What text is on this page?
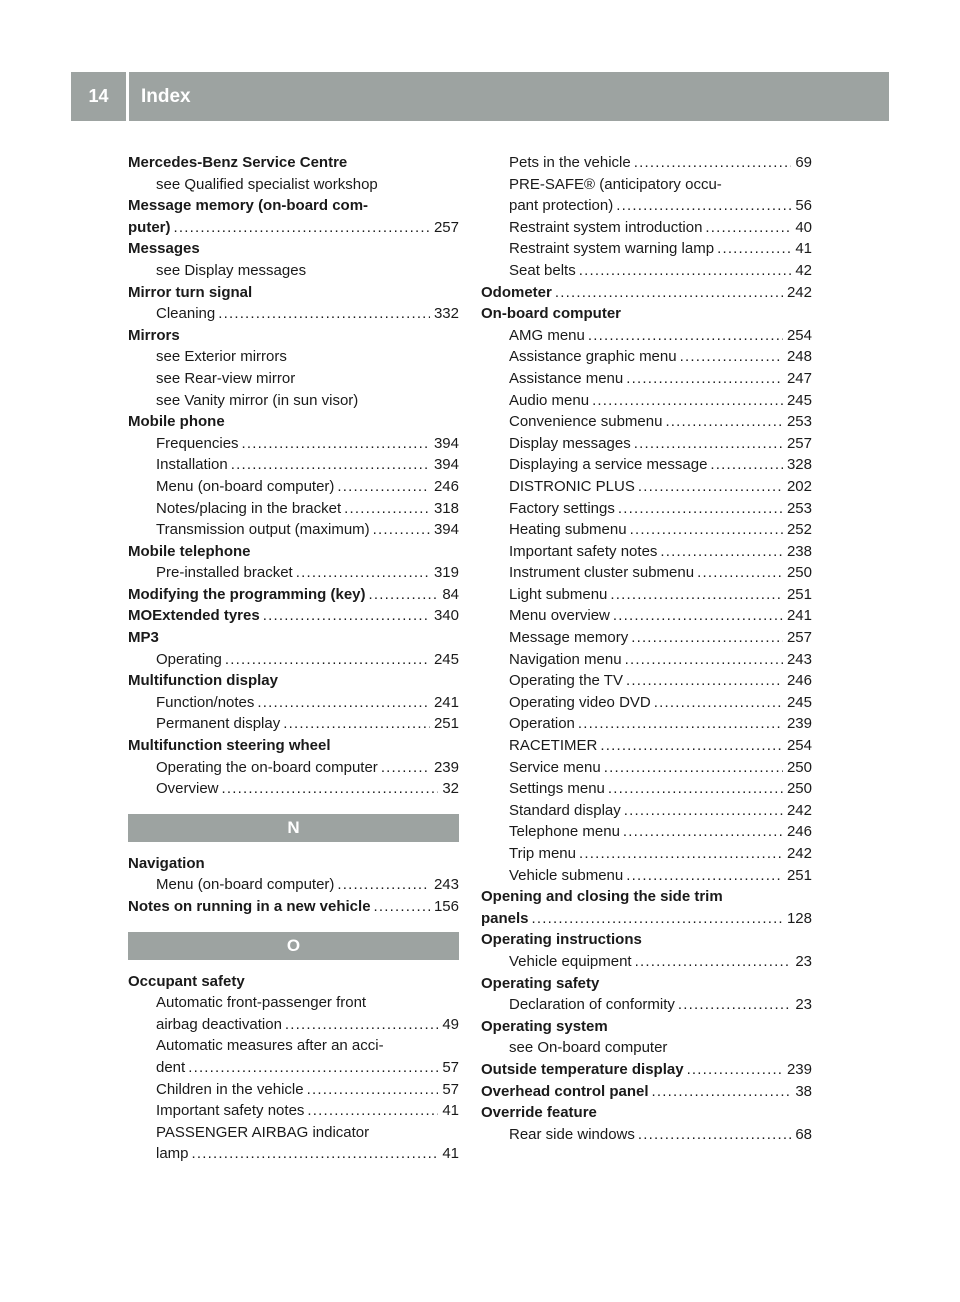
14	Index
Mercedes-Benz Service Centre
see Qualified specialist workshop
Message memory (on-board com-
puter) .....	257
Messages
see Display messages
Mirror turn signal
Cleaning .....	332
Mirrors
see Exterior mirrors
see Rear-view mirror
see Vanity mirror (in sun visor)
Mobile phone
Frequencies .....	394
Installation .....	394
Menu (on-board computer) .....	246
Notes/placing in the bracket .....	318
Transmission output (maximum) .....	394
Mobile telephone
Pre-installed bracket .....	319
Modifying the programming (key) .....	84
MOExtended tyres .....	340
MP3
Operating .....	245
Multifunction display
Function/notes .....	241
Permanent display .....	251
Multifunction steering wheel
Operating the on-board computer .....	239
Overview .....	32
N
Navigation
Menu (on-board computer) .....	243
Notes on running in a new vehicle .....	156
O
Occupant safety
Automatic front-passenger front
airbag deactivation .....	49
Automatic measures after an acci-
dent .....	57
Children in the vehicle .....	57
Important safety notes .....	41
PASSENGER AIRBAG indicator
lamp .....	41
Pets in the vehicle .....	69
PRE-SAFE® (anticipatory occu-
pant protection) .....	56
Restraint system introduction .....	40
Restraint system warning lamp .....	41
Seat belts .....	42
Odometer .....	242
On-board computer
AMG menu .....	254
Assistance graphic menu .....	248
Assistance menu .....	247
Audio menu .....	245
Convenience submenu .....	253
Display messages .....	257
Displaying a service message .....	328
DISTRONIC PLUS .....	202
Factory settings .....	253
Heating submenu .....	252
Important safety notes .....	238
Instrument cluster submenu .....	250
Light submenu .....	251
Menu overview .....	241
Message memory .....	257
Navigation menu .....	243
Operating the TV .....	246
Operating video DVD .....	245
Operation .....	239
RACETIMER .....	254
Service menu .....	250
Settings menu .....	250
Standard display .....	242
Telephone menu .....	246
Trip menu .....	242
Vehicle submenu .....	251
Opening and closing the side trim
panels .....	128
Operating instructions
Vehicle equipment .....	23
Operating safety
Declaration of conformity .....	23
Operating system
see On-board computer
Outside temperature display .....	239
Overhead control panel .....	38
Override feature
Rear side windows .....	68
